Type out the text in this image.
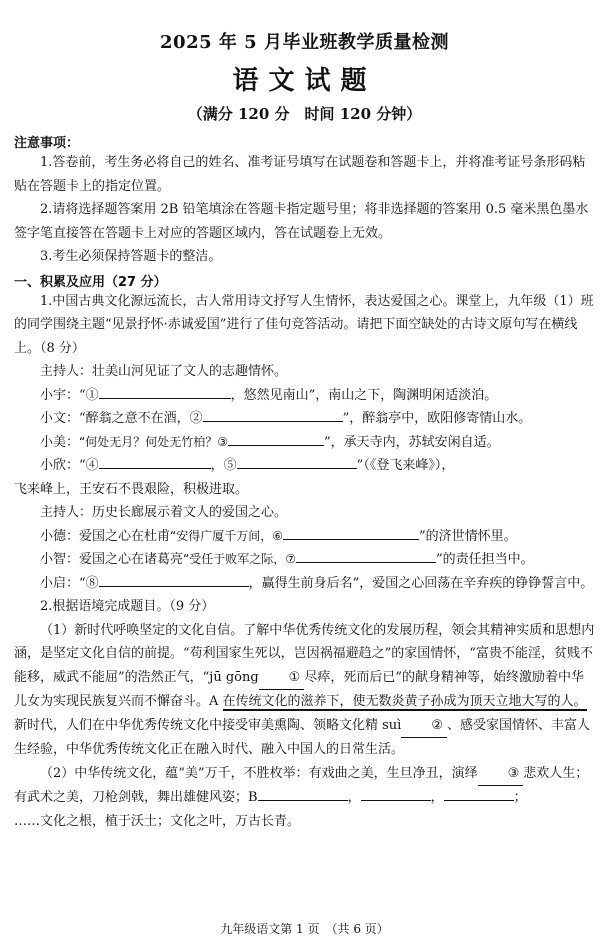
2025 年 5 月毕业班教学质量检测
语文试题
（满分 120 分　时间 120 分钟）
注意事项：

1.答卷前，考生务必将自己的姓名、准考证号填写在试题卷和答题卡上，并将准考证号条形码粘贴在答题卡上的指定位置。

2.请将选择题答案用 2B 铅笔填涂在答题卡指定题号里；将非选择题的答案用 0.5 毫米黑色墨水签字笔直接答在答题卡上对应的答题区域内，答在试题卷上无效。

3.考生必须保持答题卡的整洁。

一、积累及应用（27 分）

1.中国古典文化源远流长，古人常用诗文抒写人生情怀，表达爱国之心。课堂上，九年级（1）班的同学围绕主题“见景抒怀·赤诚爱国”进行了佳句竞答活动。请把下面空缺处的古诗文原句写在横线上。（8 分）

主持人：壮美山河见证了文人的志趣情怀。

小宇：“①	，悠然见南山”，南山之下，陶渊明闲适淡泊。

小文：“醉翁之意不在酒，②	”，醉翁亭中，欧阳修寄情山水。

小美：“何处无月？何处无竹柏？③	”，承天寺内，苏轼安闲自适。

小欣：“④	，⑤	”（《登飞来峰》），

飞来峰上，王安石不畏艰险，积极进取。

主持人：历史长廊展示着文人的爱国之心。

小德：爱国之心在杜甫“安得广厦千万间，⑥	”的济世情怀里。

小智：爱国之心在诸葛亮“受任于败军之际，⑦	”的责任担当中。

小启：“⑧	，赢得生前身后名”，爱国之心回荡在辛弃疾的铮铮誓言中。

2.根据语境完成题目。（9 分）

（1）新时代呼唤坚定的文化自信。了解中华优秀传统文化的发展历程，领会其精神实质和思想内涵，是坚定文化自信的前提。“苟利国家生死以，岂因祸福避趋之”的家国情怀，“富贵不能淫，贫贱不能移，威武不能屈”的浩然正气，“jū gōng ① 尽瘁，死而后已”的献身精神等，始终激励着中华儿女为实现民族复兴而不懈奋斗。A 在传统文化的滋养下，使无数炎黄子孙成为顶天立地大写的人。新时代，人们在中华优秀传统文化中接受审美熏陶、领略文化精 suì ② 、感受家国情怀、丰富人生经验，中华优秀传统文化正在融入时代、融入中国人的日常生活。

（2）中华传统文化，蕴“美”万千，不胜枚举：有戏曲之美，生旦净丑，演绎 ③ 悲欢人生；有武术之美，刀枪剑戟，舞出雄健风姿；B	，	，	；

……文化之根，植于沃土；文化之叶，万古长青。

九年级语文第 1 页　（共 6 页）
